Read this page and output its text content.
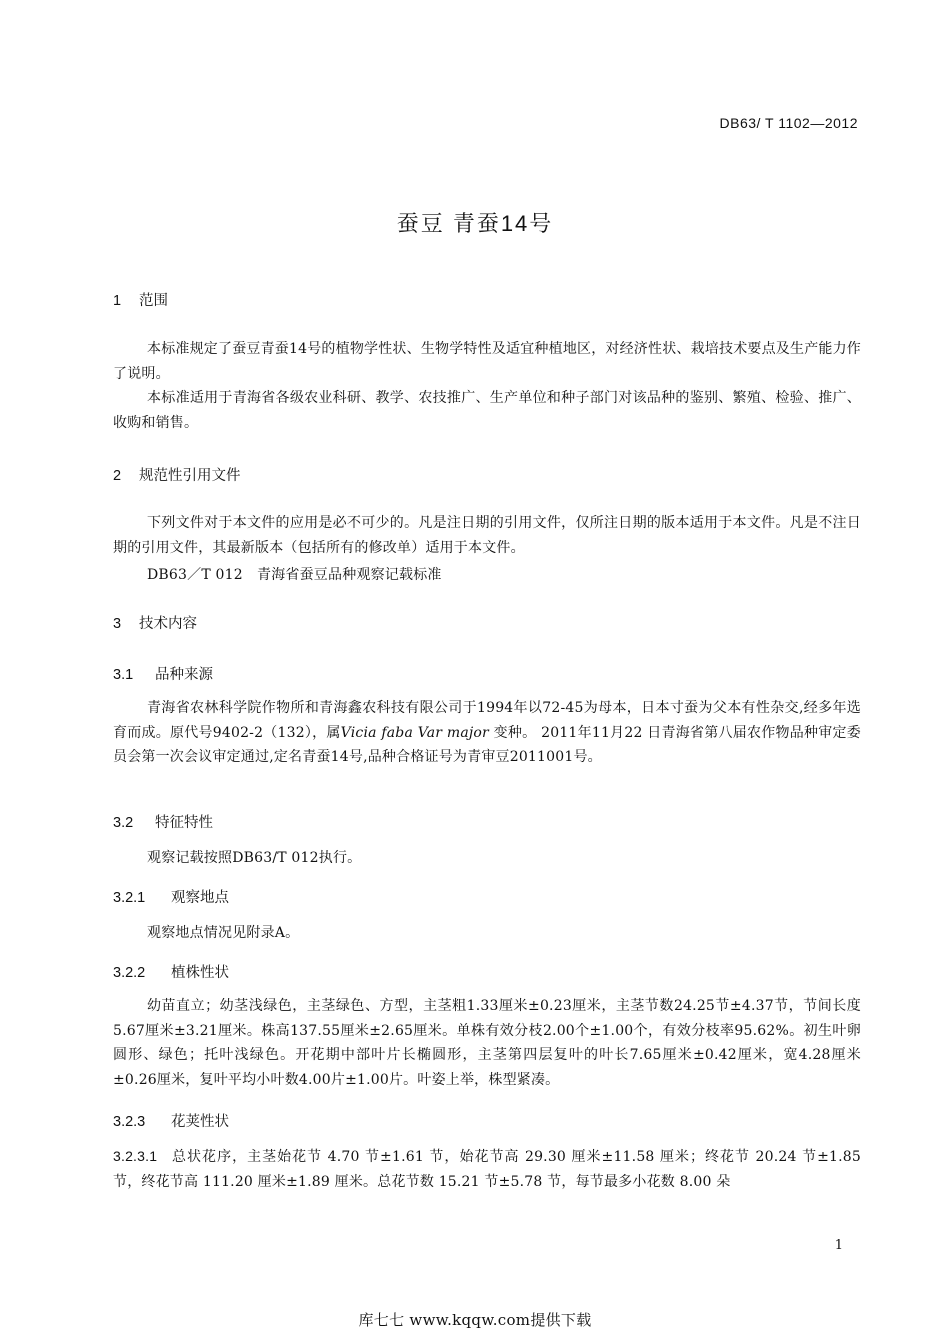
DB63/ T 1102—2012
蚕豆 青蚕14号
1 范围
本标准规定了蚕豆青蚕14号的植物学性状、生物学特性及适宜种植地区，对经济性状、栽培技术要点及生产能力作了说明。
本标准适用于青海省各级农业科研、教学、农技推广、生产单位和种子部门对该品种的鉴别、繁殖、检验、推广、收购和销售。
2 规范性引用文件
下列文件对于本文件的应用是必不可少的。凡是注日期的引用文件，仅所注日期的版本适用于本文件。凡是不注日期的引用文件，其最新版本（包括所有的修改单）适用于本文件。
DB63／T 012 青海省蚕豆品种观察记载标准
3 技术内容
3.1 品种来源
青海省农林科学院作物所和青海鑫农科技有限公司于1994年以72-45为母本，日本寸蚕为父本有性杂交,经多年选育而成。原代号9402-2（132），属Vicia faba Var major 变种。 2011年11月22 日青海省第八届农作物品种审定委员会第一次会议审定通过,定名青蚕14号,品种合格证号为青审豆2011001号。
3.2 特征特性
观察记载按照DB63/T 012执行。
3.2.1 观察地点
观察地点情况见附录A。
3.2.2 植株性状
幼苗直立；幼茎浅绿色，主茎绿色、方型，主茎粗1.33厘米±0.23厘米，主茎节数24.25节±4.37节，节间长度5.67厘米±3.21厘米。株高137.55厘米±2.65厘米。单株有效分枝2.00个±1.00个，有效分枝率95.62%。初生叶卵圆形、绿色；托叶浅绿色。开花期中部叶片长椭圆形，主茎第四层复叶的叶长7.65厘米±0.42厘米，宽4.28厘米±0.26厘米，复叶平均小叶数4.00片±1.00片。叶姿上举，株型紧凑。
3.2.3 花荚性状
3.2.3.1 总状花序，主茎始花节 4.70 节±1.61 节，始花节高 29.30 厘米±11.58 厘米；终花节 20.24 节±1.85 节，终花节高 111.20 厘米±1.89 厘米。总花节数 15.21 节±5.78 节，每节最多小花数 8.00 朵
1
库七七 www.kqqw.com提供下载
